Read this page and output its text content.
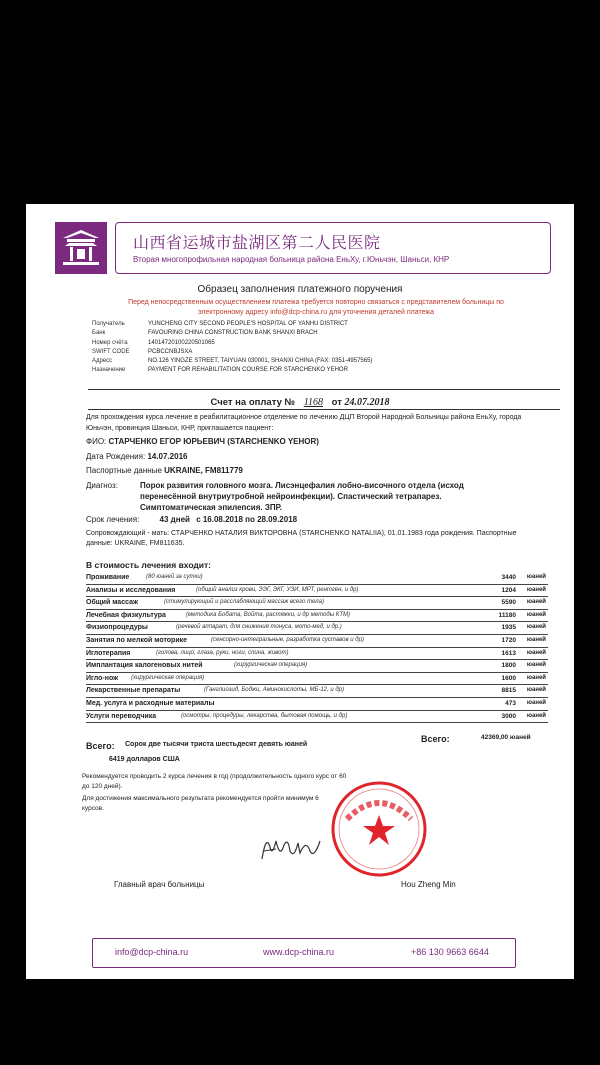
山西省运城市盐湖区第二人民医院
Вторая многопрофильная народная больница района ЕньХу, г.Юньчэн, Шаньси, КНР
Образец заполнения платежного поручения
Перед непосредственным осуществлением платежа требуется повторно связаться с представителем больницы по электронному адресу info@dcp-china.ru для уточнения деталей платежа
Получатель	YUNCHENG CITY SECOND PEOPLE'S HOSPITAL OF YANHU DISTRICT
Банк	FAVOURING CHINA CONSTRUCTION BANK SHANXI BRACH
Номер счёта	14014720100220501065
SWIFT CODE	PCBCCNBJSXA
Адресс	NO.126 YINGZE STREET, TAIYUAN 030001, SHANXI CHINA (FAX: 0351-4957565)
Назначение	PAYMENT FOR REHABILITATION COURSE FOR STARCHENKO YEHOR
Счет на оплату № 1168 от 24.07.2018
Для прохождения курса лечение в реабилитационное отделение по лечению ДЦП Второй Народной Больницы района ЕньХу, города Юньчэн, провинция Шаньси, КНР, приглашается пациент:
ФИО: СТАРЧЕНКО ЕГОР ЮРЬЕВИЧ (STARCHENKO YEHOR)
Дата Рождения: 14.07.2016
Паспортные данные UKRAINE, FM811779
Диагноз:	Порок развития головного мозга. Лисэнцефалия лобно-височного отдела (исход перенесённой внутриутробной нейроинфекции). Спастический тетрапарез. Симптоматическая эпилепсия. ЗПР.
Срок лечения:	43 дней с 16.08.2018 по 28.09.2018
Сопровождающий - мать: СТАРЧЕНКО НАТАЛИЯ ВИКТОРОВНА (STARCHENKO NATALIIA), 01.01.1983 года рождения. Паспортные данные: UKRAINE, FM811635.
В стоимость лечения входит:
Проживание	(80 юаней за сутки)	3440 юаней
Анализы и исследования	(общий анализ крови, ЭЭГ, ЭКГ, УЗИ, МРТ, рентген, и др)	1204 юаней
Общий массаж	(стимулирующий и расслабляющий массаж всего тела)	5590 юаней
Лечебная физкультура	(методика Бобата, Войта, растяжки, и др методы КТМ)	11180 юаней
Физиопроцедуры	(речевой аппарат, для снижения тонуса, мото-мед, и др.)	1935 юаней
Занятия по мелкой моторике	(сенсорно-интегральные, разработка суставов и др)	1720 юаней
Иглотерапия	(голова, лицо, глаза, руки, ноги, спина, живот)	1613 юаней
Имплантация калогеновых нитей	(хирургическая операция)	1800 юаней
Игло-нож (хирургическая операция)	1600 юаней
Лекарственные препараты	(Ганглиозид, Боджи, Аминокислоты, МБ-12, и др)	8815 юаней
Мед. услуга и расходные материалы	473 юаней
Услуги переводчика	(осмотры, процедуры, лекарства, бытовая помощь, и др)	3000 юаней
Всего:	42369,00 юаней
Всего: Сорок две тысячи триста шестьдесят девять юаней
6419 долларов США
Рекомендуется проводить 2 курса лечения в год (продолжительность одного курс от 60 до 120 дней).
Для достижения максимального результата рекомендуется пройти минимум 6 курсов.
Главный врач больницы	Hou Zheng Min
info@dcp-china.ru	www.dcp-china.ru	+86 130 9663 6644
